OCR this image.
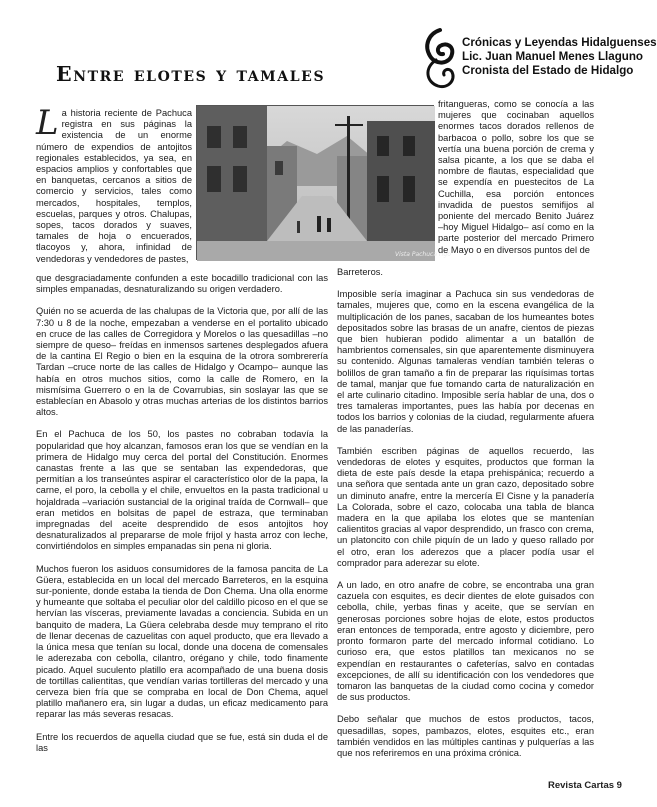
Crónicas y Leyendas Hidalguenses
Lic. Juan Manuel Menes Llaguno
Cronista del Estado de Hidalgo
Entre elotes y tamales
Vista Pachuca Hgo
La historia reciente de Pachuca registra en sus páginas la existencia de un enorme número de expendios de antojitos regionales establecidos, ya sea, en espacios amplios y confortables que en banquetas, cercanos a sitios de comercio y servicios, tales como mercados, hospitales, templos, escuelas, parques y otros. Chalupas, sopes, tacos dorados y suaves, tamales de hoja o encuerados, tlacoyos y, ahora, infinidad de vendedoras y vendedores de pastes,
fritangueras, como se conocía a las mujeres que cocinaban aquellos enormes tacos dorados rellenos de barbacoa o pollo, sobre los que se vertía una buena porción de crema y salsa picante, a los que se daba el nombre de flautas, especialidad que se expendía en puestecitos de La Cuchilla, esa porción entonces invadida de puestos semifijos al poniente del mercado Benito Juárez –hoy Miguel Hidalgo– así como en la parte posterior del mercado Primero de Mayo o en diversos puntos del de

que desgraciadamente confunden a este bocadillo tradicional con las simples empanadas, desnaturalizando su origen verdadero.

Quién no se acuerda de las chalupas de la Victoria que, por allí de las 7:30 u 8 de la noche, empezaban a venderse en el portalito ubicado en cruce de las calles de Corregidora y Morelos o las quesadillas –no siempre de queso– freídas en inmensos sartenes desplegados afuera de la cantina El Regio o bien en la esquina de la otrora sombrerería Tardan –cruce norte de las calles de Hidalgo y Ocampo– aunque las había en otros muchos sitios, como la calle de Romero, en la mismísima Guerrero o en la de Covarrubias, sin soslayar las que se establecían en Abasolo y otras muchas arterias de los distintos barrios altos.

En el Pachuca de los 50, los pastes no cobraban todavía la popularidad que hoy alcanzan, famosos eran los que se vendían en la primera de Hidalgo muy cerca del portal del Constitución. Enormes canastas frente a las que se sentaban las expendedoras, que permitían a los transeúntes aspirar el característico olor de la papa, la carne, el poro, la cebolla y el chile, envueltos en la pasta tradicional u hojaldrada –variación sustancial de la original traída de Cornwall– que eran metidos en bolsitas de papel de estraza, que terminaban impregnadas del aceite desprendido de esos antojitos hoy desnaturalizados al prepararse de mole frijol y hasta arroz con leche, convirtiéndolos en simples empanadas sin pena ni gloria.

Muchos fueron los asiduos consumidores de la famosa pancita de La Güera, establecida en un local del mercado Barreteros, en la esquina sur-poniente, donde estaba la tienda de Don Chema. Una olla enorme y humeante que soltaba el peculiar olor del caldillo picoso en el que se hervían las vísceras, previamente lavadas a conciencia. Subida en un banquito de madera, La Güera celebraba desde muy temprano el rito de llenar decenas de cazuelitas con aquel producto, que era llevado a la única mesa que tenían su local, donde una docena de comensales le aderezaba con cebolla, cilantro, orégano y chile, todo finamente picado. Aquel suculento platillo era acompañado de una buena dosis de tortillas calientitas, que vendían varias tortilleras del mercado y una cerveza bien fría que se compraba en local de Don Chema, aquel platillo mañanero era, sin lugar a dudas, un eficaz medicamento para reparar las más severas resacas.

Entre los recuerdos de aquella ciudad que se fue, está sin duda el de las

Barreteros.

Imposible sería imaginar a Pachuca sin sus vendedoras de tamales, mujeres que, como en la escena evangélica de la multiplicación de los panes, sacaban de los humeantes botes depositados sobre las brasas de un anafre, cientos de piezas que bien hubieran podido alimentar a un batallón de hambrientos comensales, sin que aparentemente disminuyera su contenido. Algunas tamaleras vendían también teleras o bolillos de gran tamaño a fin de preparar las riquísimas tortas de tamal, manjar que fue tomando carta de naturalización en el arte culinario citadino. Imposible sería hablar de una, dos o tres tamaleras importantes, pues las había por decenas en todos los barrios y colonias de la ciudad, regularmente afuera de las panaderías.

También escriben páginas de aquellos recuerdo, las vendedoras de elotes y esquites, productos que forman la dieta de este país desde la etapa prehispánica; recuerdo a una señora que sentada ante un gran cazo, depositado sobre un diminuto anafre, entre la mercería El Cisne y la panadería La Colorada, sobre el cazo, colocaba una tabla de blanca madera en la que apilaba los elotes que se mantenían calientitos gracias al vapor desprendido, un frasco con crema, un platoncito con chile piquín de un lado y queso rallado por el otro, eran los aderezos que a placer podía usar el comprador para aderezar su elote.

A un lado, en otro anafre de cobre, se encontraba una gran cazuela con esquites, es decir dientes de elote guisados con cebolla, chile, yerbas finas y aceite, que se servían en generosas porciones sobre hojas de elote, estos productos eran entonces de temporada, entre agosto y diciembre, pero pronto formaron parte del mercado informal cotidiano. Lo curioso era, que estos platillos tan mexicanos no se expendían en restaurantes o cafeterías, salvo en contadas excepciones, de allí su identificación con los vendedores que tomaron las banquetas de la ciudad como cocina y comedor de sus productos.

Debo señalar que muchos de estos productos, tacos, quesadillas, sopes, pambazos, elotes, esquites etc., eran también vendidos en las múltiples cantinas y pulquerías a las que nos referiremos en una próxima crónica.

Revista Cartas 9
